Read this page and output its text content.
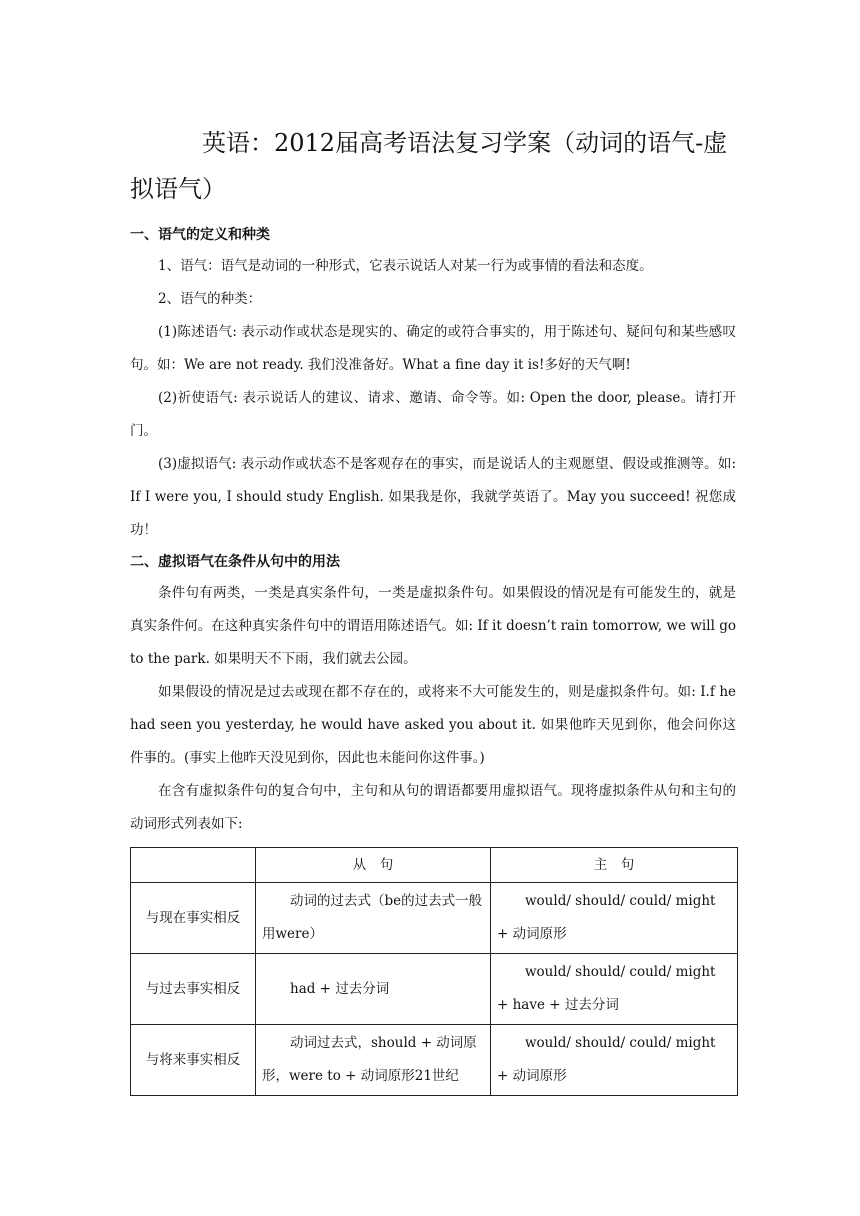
英语：2012届高考语法复习学案（动词的语气-虚拟语气）

一、语气的定义和种类

1、语气：语气是动词的一种形式，它表示说话人对某一行为或事情的看法和态度。

2、语气的种类：

(1)陈述语气: 表示动作或状态是现实的、确定的或符合事实的，用于陈述句、疑问句和某些感叹句。如：We are not ready. 我们没准备好。What a fine day it is!多好的天气啊!

(2)祈使语气: 表示说话人的建议、请求、邀请、命令等。如: Open the door, please。请打开门。

(3)虚拟语气: 表示动作或状态不是客观存在的事实，而是说话人的主观愿望、假设或推测等。如: If I were you, I should study English. 如果我是你，我就学英语了。May you succeed! 祝您成功！

二、虚拟语气在条件从句中的用法

条件句有两类，一类是真实条件句，一类是虚拟条件句。如果假设的情况是有可能发生的，就是真实条件何。在这种真实条件句中的谓语用陈述语气。如: If it doesn’t rain tomorrow, we will go to the park. 如果明天不下雨，我们就去公园。

如果假设的情况是过去或现在都不存在的，或将来不大可能发生的，则是虚拟条件句。如: I.f he had seen you yesterday, he would have asked you about it. 如果他昨天见到你，他会问你这件事的。(事实上他昨天没见到你，因此也未能问你这件事。)

在含有虚拟条件句的复合句中，主句和从句的谓语都要用虚拟语气。现将虚拟条件从句和主句的动词形式列表如下:

	从　句	主　句
与现在事实相反	动词的过去式（be的过去式一般用were）	would/ should/ could/ might + 动词原形
与过去事实相反	had + 过去分词	would/ should/ could/ might + have + 过去分词
与将来事实相反	动词过去式，should + 动词原形，were to + 动词原形21世纪	would/ should/ could/ might + 动词原形
